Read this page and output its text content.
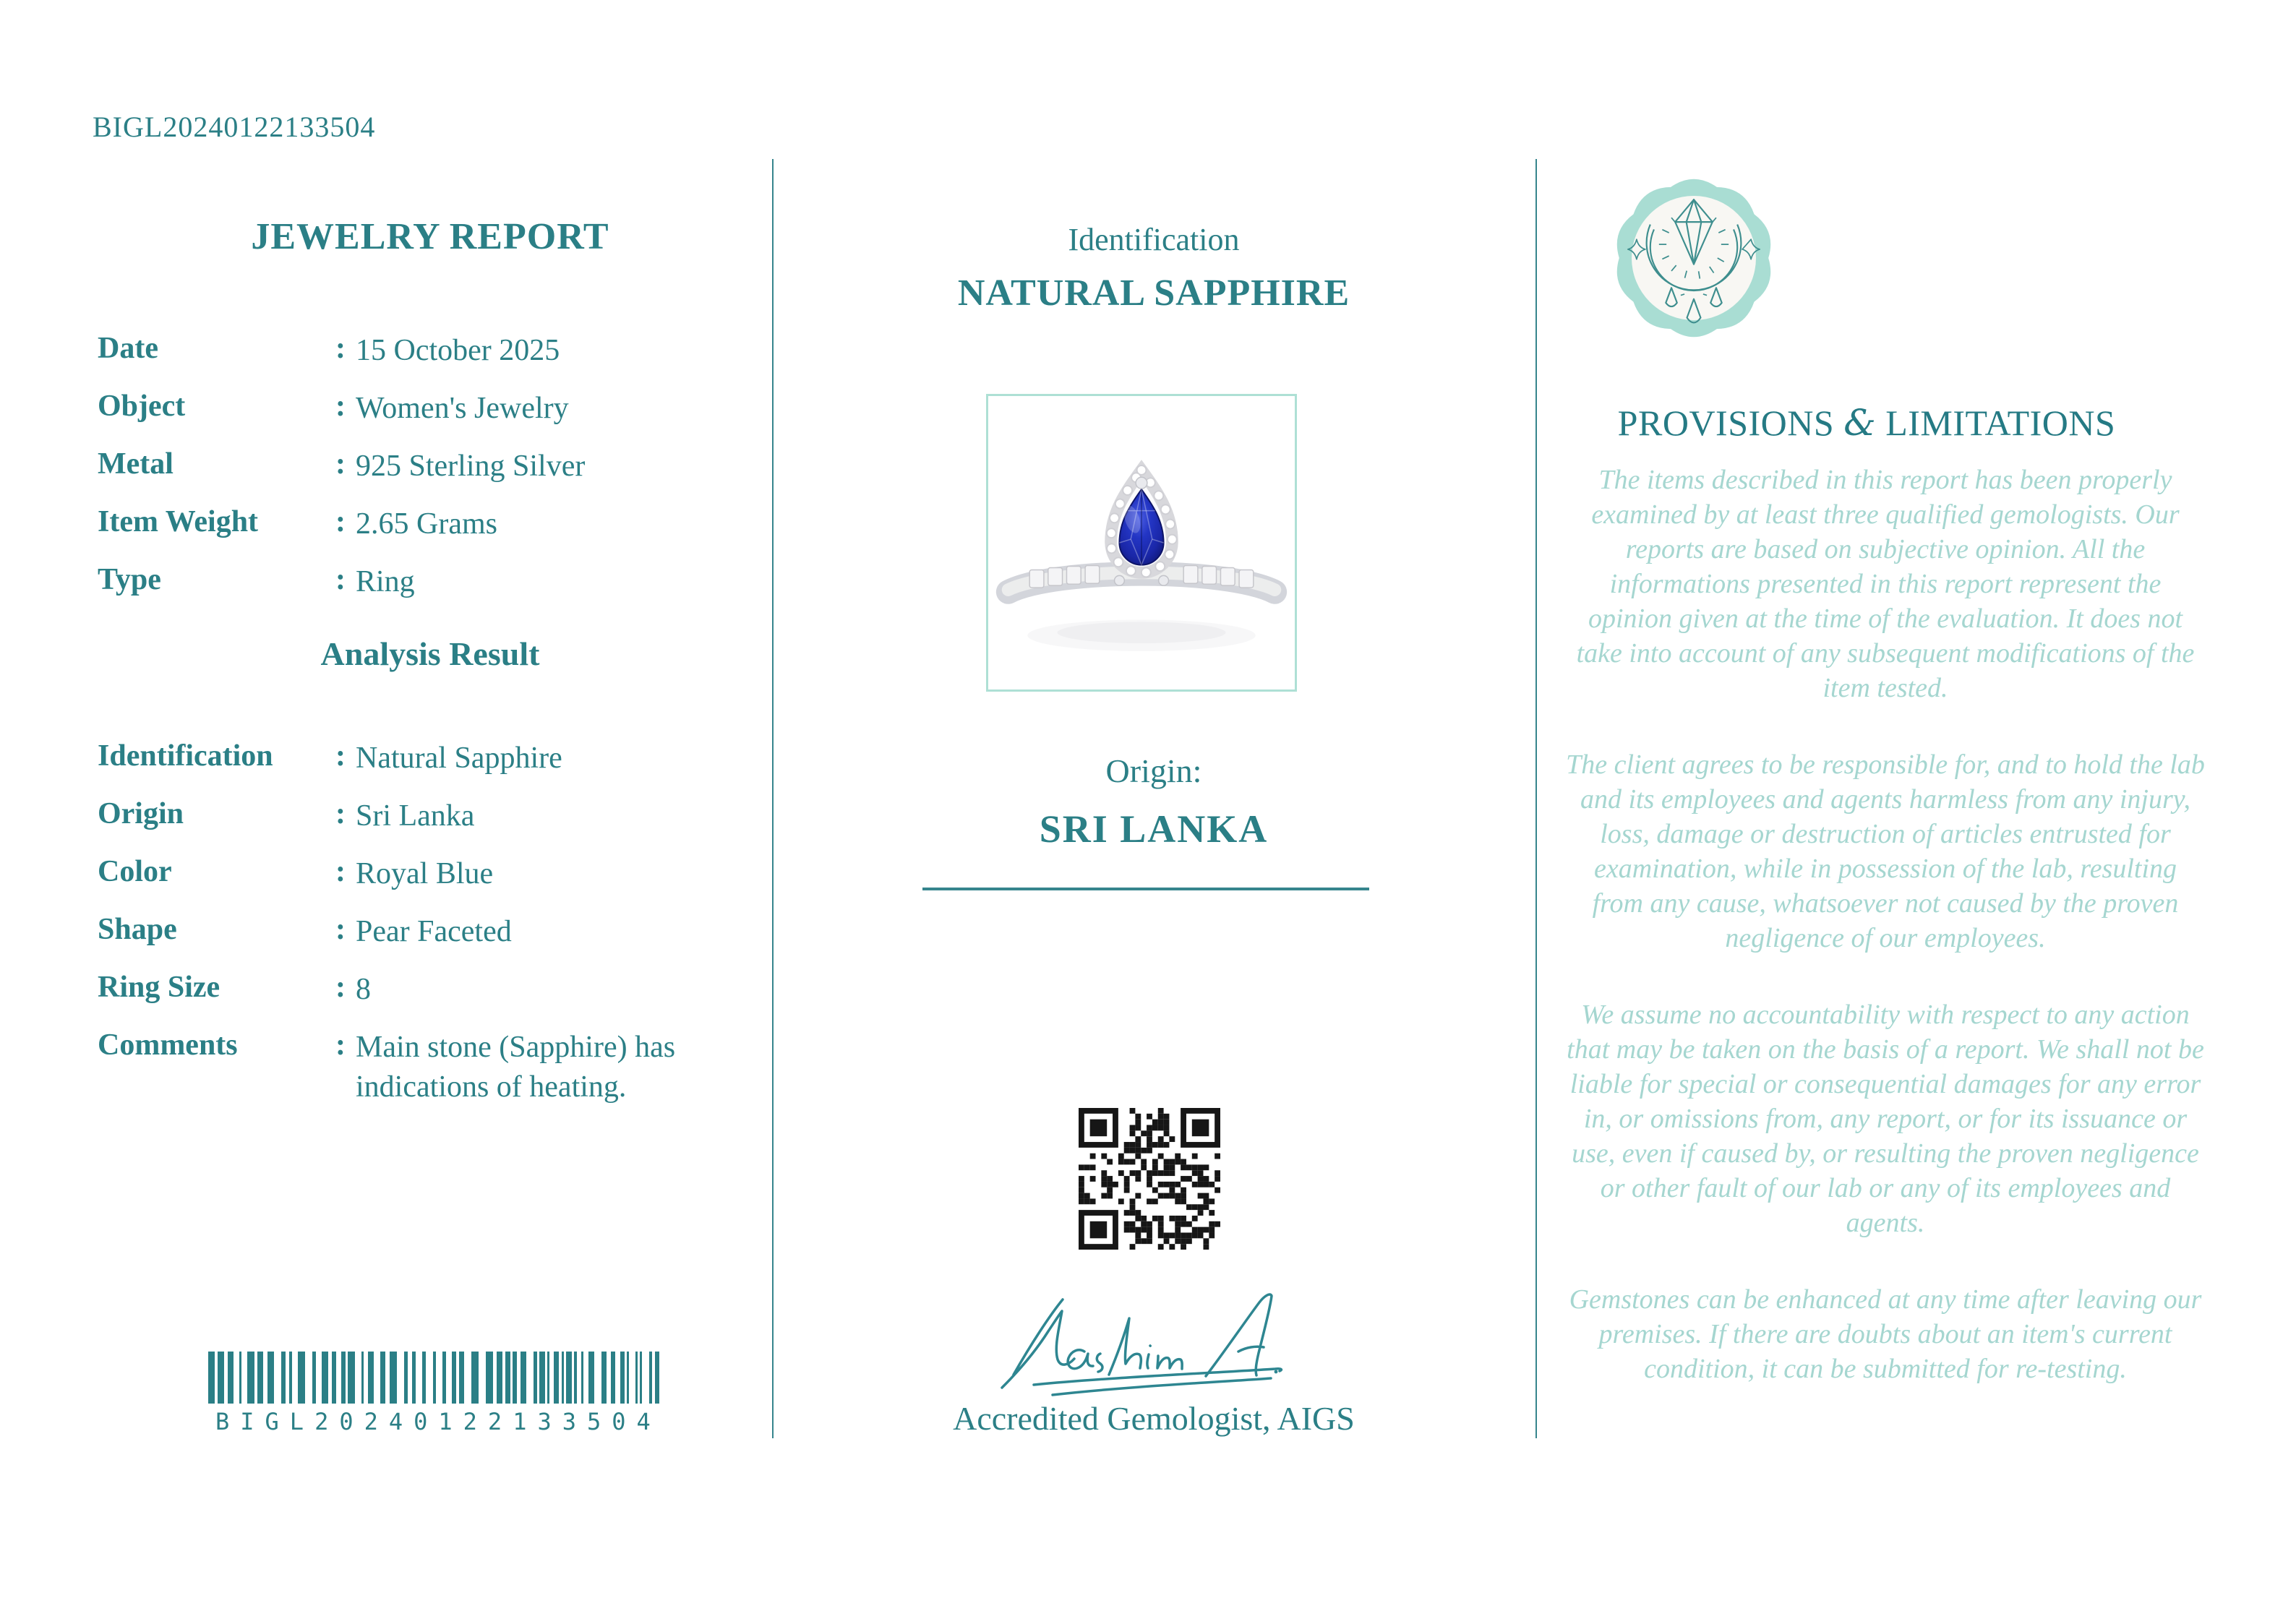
BIGL20240122133504
JEWELRY REPORT
Date	: 15 October 2025
Object	: Women's Jewelry
Metal	: 925 Sterling Silver
Item Weight	: 2.65 Grams
Type	: Ring
Analysis Result
Identification	: Natural Sapphire
Origin	: Sri Lanka
Color	: Royal Blue
Shape	: Pear Faceted
Ring Size	: 8
Comments	: Main stone (Sapphire) has indications of heating.
BIGL20240122133504
Identification
NATURAL SAPPHIRE
Origin:
SRI LANKA
Accredited Gemologist, AIGS
PROVISIONS & LIMITATIONS

The items described in this report has been properly examined by at least three qualified gemologists. Our reports are based on subjective opinion. All the informations presented in this report represent the opinion given at the time of the evaluation. It does not take into account of any subsequent modifications of the item tested.

The client agrees to be responsible for, and to hold the lab and its employees and agents harmless from any injury, loss, damage or destruction of articles entrusted for examination, while in possession of the lab, resulting from any cause, whatsoever not caused by the proven negligence of our employees.

We assume no accountability with respect to any action that may be taken on the basis of a report. We shall not be liable for special or consequential damages for any error in, or omissions from, any report, or for its issuance or use, even if caused by, or resulting the proven negligence or other fault of our lab or any of its employees and agents.

Gemstones can be enhanced at any time after leaving our premises. If there are doubts about an item's current condition, it can be submitted for re-testing.
